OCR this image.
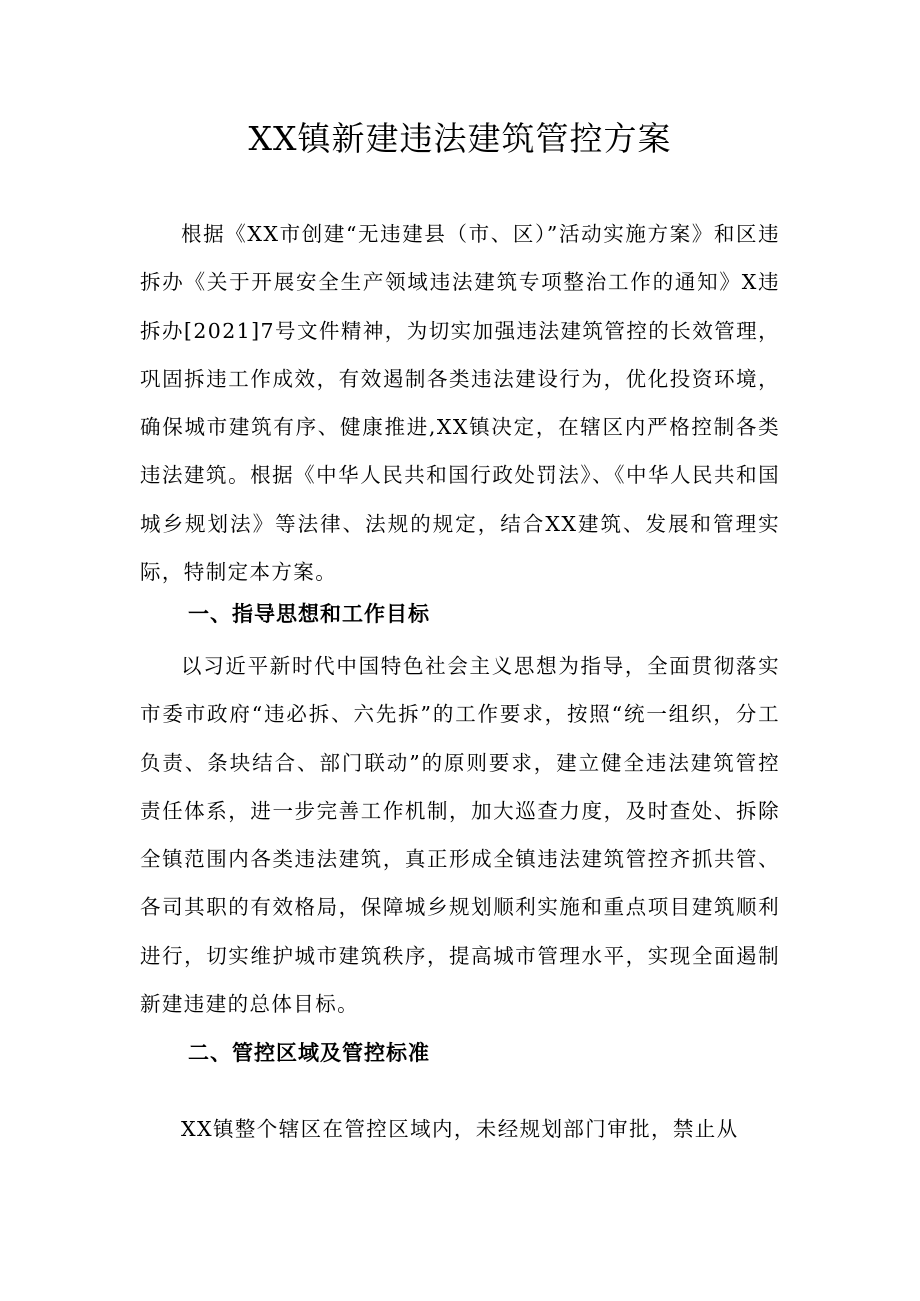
XX镇新建违法建筑管控方案

根据《XX市创建“无违建县（市、区）”活动实施方案》和区违拆办《关于开展安全生产领域违法建筑专项整治工作的通知》X违拆办[2021]7号文件精神，为切实加强违法建筑管控的长效管理，巩固拆违工作成效，有效遏制各类违法建设行为，优化投资环境，确保城市建筑有序、健康推进,XX镇决定，在辖区内严格控制各类违法建筑。根据《中华人民共和国行政处罚法》、《中华人民共和国城乡规划法》等法律、法规的规定，结合XX建筑、发展和管理实际，特制定本方案。

一、指导思想和工作目标

以习近平新时代中国特色社会主义思想为指导，全面贯彻落实市委市政府“违必拆、六先拆”的工作要求，按照“统一组织，分工负责、条块结合、部门联动”的原则要求，建立健全违法建筑管控责任体系，进一步完善工作机制，加大巡查力度，及时查处、拆除全镇范围内各类违法建筑，真正形成全镇违法建筑管控齐抓共管、各司其职的有效格局，保障城乡规划顺利实施和重点项目建筑顺利进行，切实维护城市建筑秩序，提高城市管理水平，实现全面遏制新建违建的总体目标。

二、管控区域及管控标准

XX镇整个辖区在管控区域内，未经规划部门审批，禁止从
